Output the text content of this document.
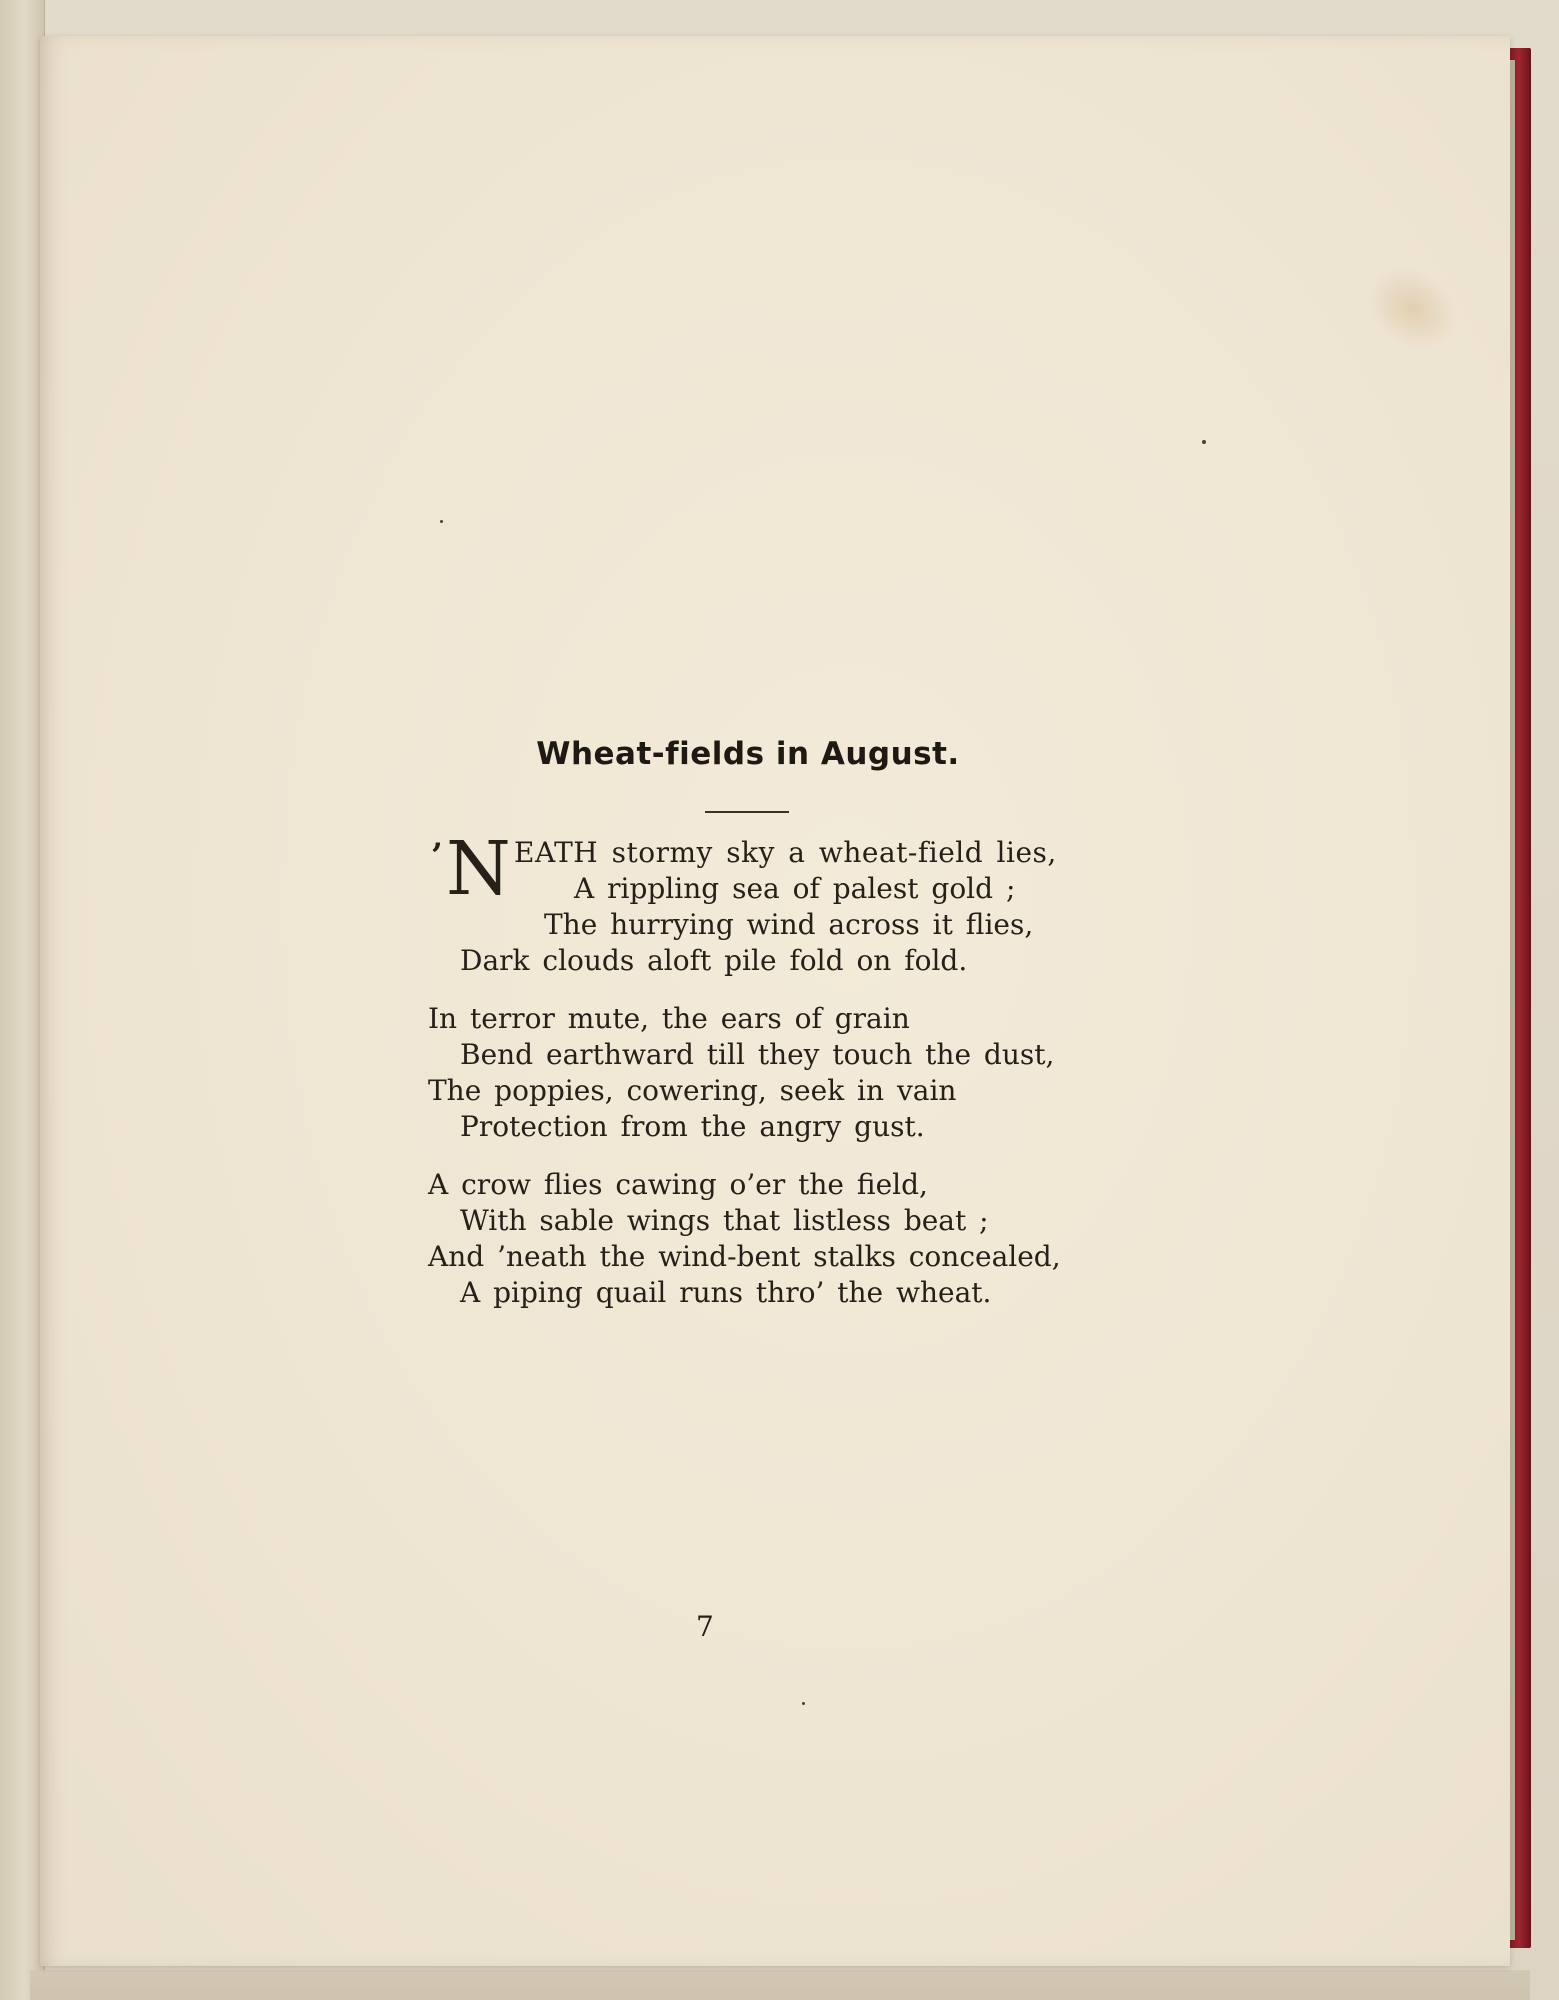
Wheat-fields in August.
’ N EATH stormy sky a wheat-field lies,
A rippling sea of palest gold ;
The hurrying wind across it flies,
Dark clouds aloft pile fold on fold.
In terror mute, the ears of grain
Bend earthward till they touch the dust,
The poppies, cowering, seek in vain
Protection from the angry gust.
A crow flies cawing o’er the field,
With sable wings that listless beat ;
And ’neath the wind-bent stalks concealed,
A piping quail runs thro’ the wheat.
7
